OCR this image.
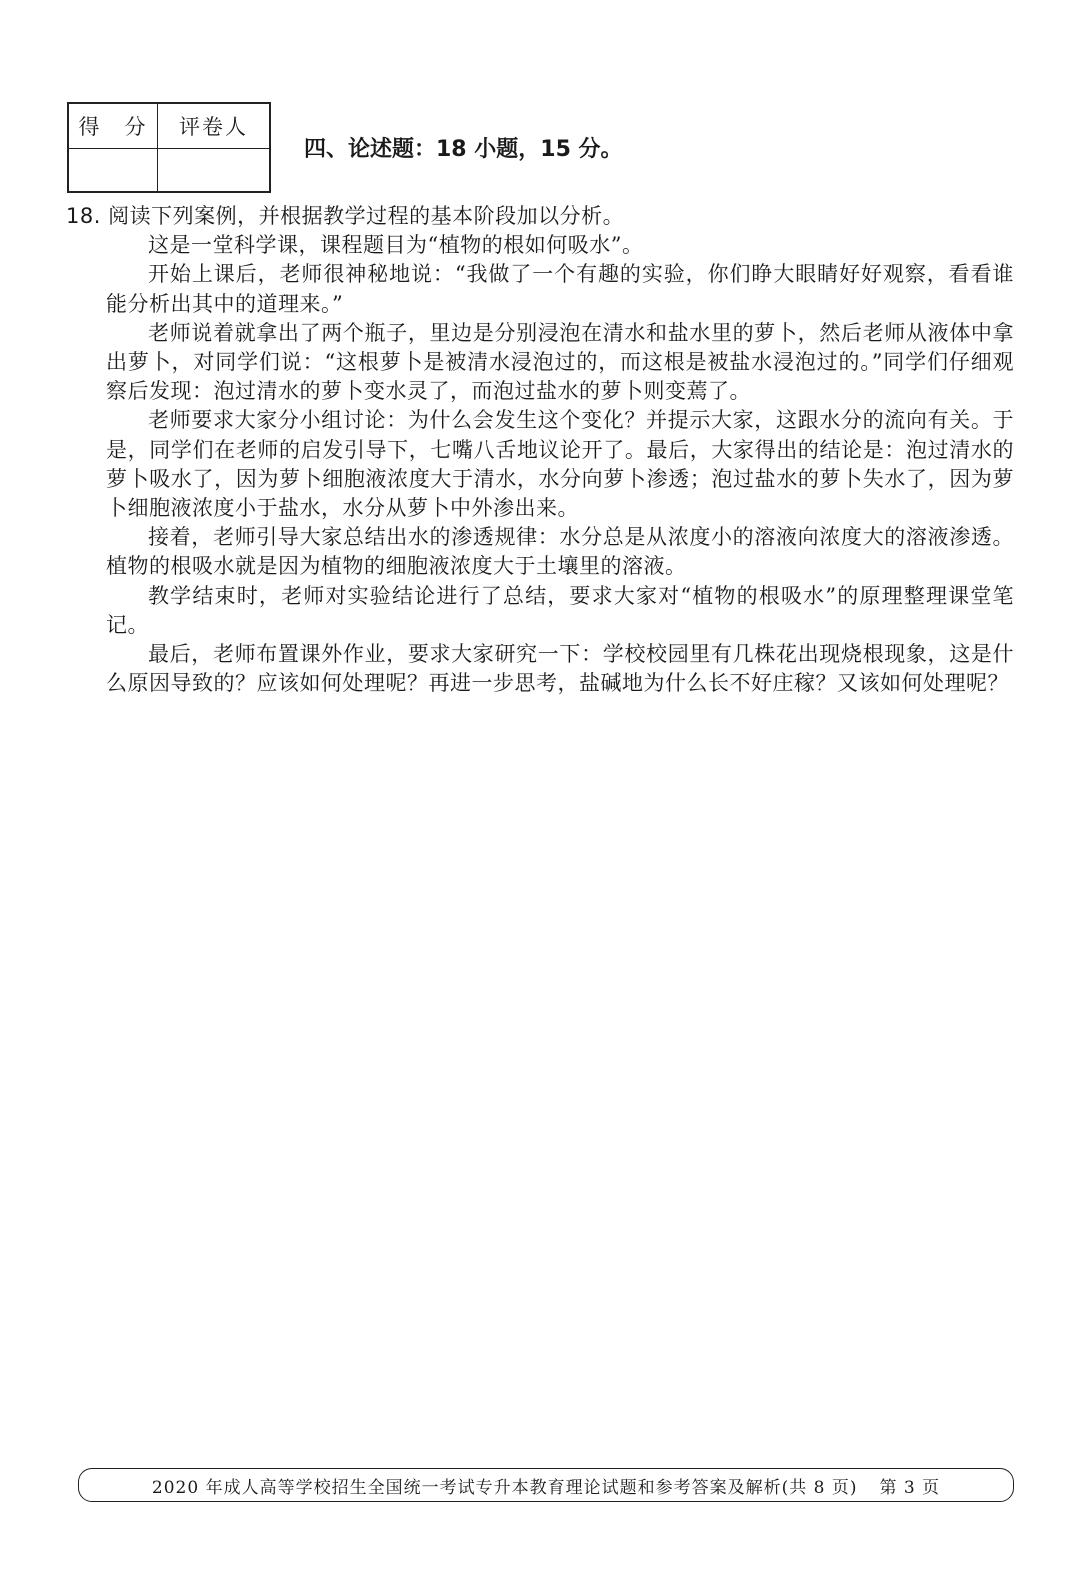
得　分	评卷人
四、论述题：18 小题，15 分。

18. 阅读下列案例，并根据教学过程的基本阶段加以分析。

这是一堂科学课，课程题目为“植物的根如何吸水”。

开始上课后，老师很神秘地说：“我做了一个有趣的实验，你们睁大眼睛好好观察，看看谁能分析出其中的道理来。”

老师说着就拿出了两个瓶子，里边是分别浸泡在清水和盐水里的萝卜，然后老师从液体中拿出萝卜，对同学们说：“这根萝卜是被清水浸泡过的，而这根是被盐水浸泡过的。”同学们仔细观察后发现：泡过清水的萝卜变水灵了，而泡过盐水的萝卜则变蔫了。

老师要求大家分小组讨论：为什么会发生这个变化？并提示大家，这跟水分的流向有关。于是，同学们在老师的启发引导下，七嘴八舌地议论开了。最后，大家得出的结论是：泡过清水的萝卜吸水了，因为萝卜细胞液浓度大于清水，水分向萝卜渗透；泡过盐水的萝卜失水了，因为萝卜细胞液浓度小于盐水，水分从萝卜中外渗出来。

接着，老师引导大家总结出水的渗透规律：水分总是从浓度小的溶液向浓度大的溶液渗透。植物的根吸水就是因为植物的细胞液浓度大于土壤里的溶液。

教学结束时，老师对实验结论进行了总结，要求大家对“植物的根吸水”的原理整理课堂笔记。

最后，老师布置课外作业，要求大家研究一下：学校校园里有几株花出现烧根现象，这是什么原因导致的？应该如何处理呢？再进一步思考，盐碱地为什么长不好庄稼？又该如何处理呢？

2020 年成人高等学校招生全国统一考试专升本教育理论试题和参考答案及解析(共 8 页) 第 3 页
